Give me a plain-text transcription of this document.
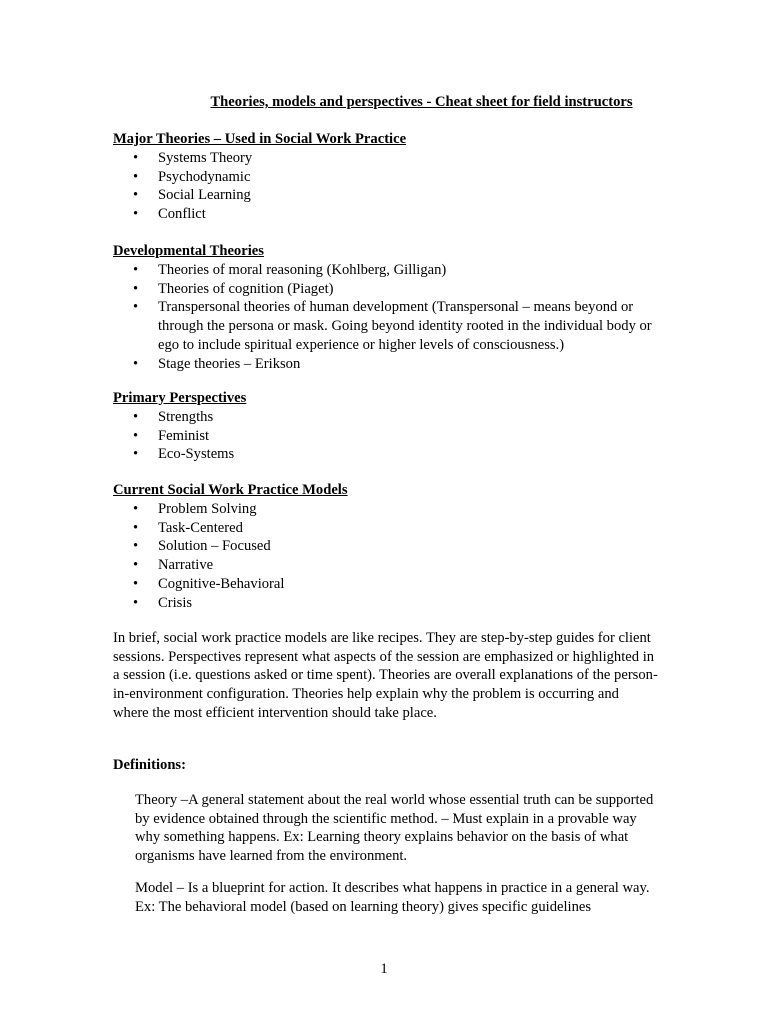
Theories, models and perspectives - Cheat sheet for field instructors
Major Theories – Used in Social Work Practice
• Systems Theory
• Psychodynamic
• Social Learning
• Conflict
Developmental Theories
• Theories of moral reasoning (Kohlberg, Gilligan)
• Theories of cognition (Piaget)
• Transpersonal theories of human development (Transpersonal – means beyond or through the persona or mask. Going beyond identity rooted in the individual body or ego to include spiritual experience or higher levels of consciousness.)
• Stage theories – Erikson
Primary Perspectives
• Strengths
• Feminist
• Eco-Systems
Current Social Work Practice Models
• Problem Solving
• Task-Centered
• Solution – Focused
• Narrative
• Cognitive-Behavioral
• Crisis

In brief, social work practice models are like recipes. They are step-by-step guides for client sessions. Perspectives represent what aspects of the session are emphasized or highlighted in a session (i.e. questions asked or time spent). Theories are overall explanations of the person-in-environment configuration. Theories help explain why the problem is occurring and where the most efficient intervention should take place.

Definitions:

Theory –A general statement about the real world whose essential truth can be supported by evidence obtained through the scientific method. – Must explain in a provable way why something happens. Ex: Learning theory explains behavior on the basis of what organisms have learned from the environment.

Model – Is a blueprint for action. It describes what happens in practice in a general way. Ex: The behavioral model (based on learning theory) gives specific guidelines

1
